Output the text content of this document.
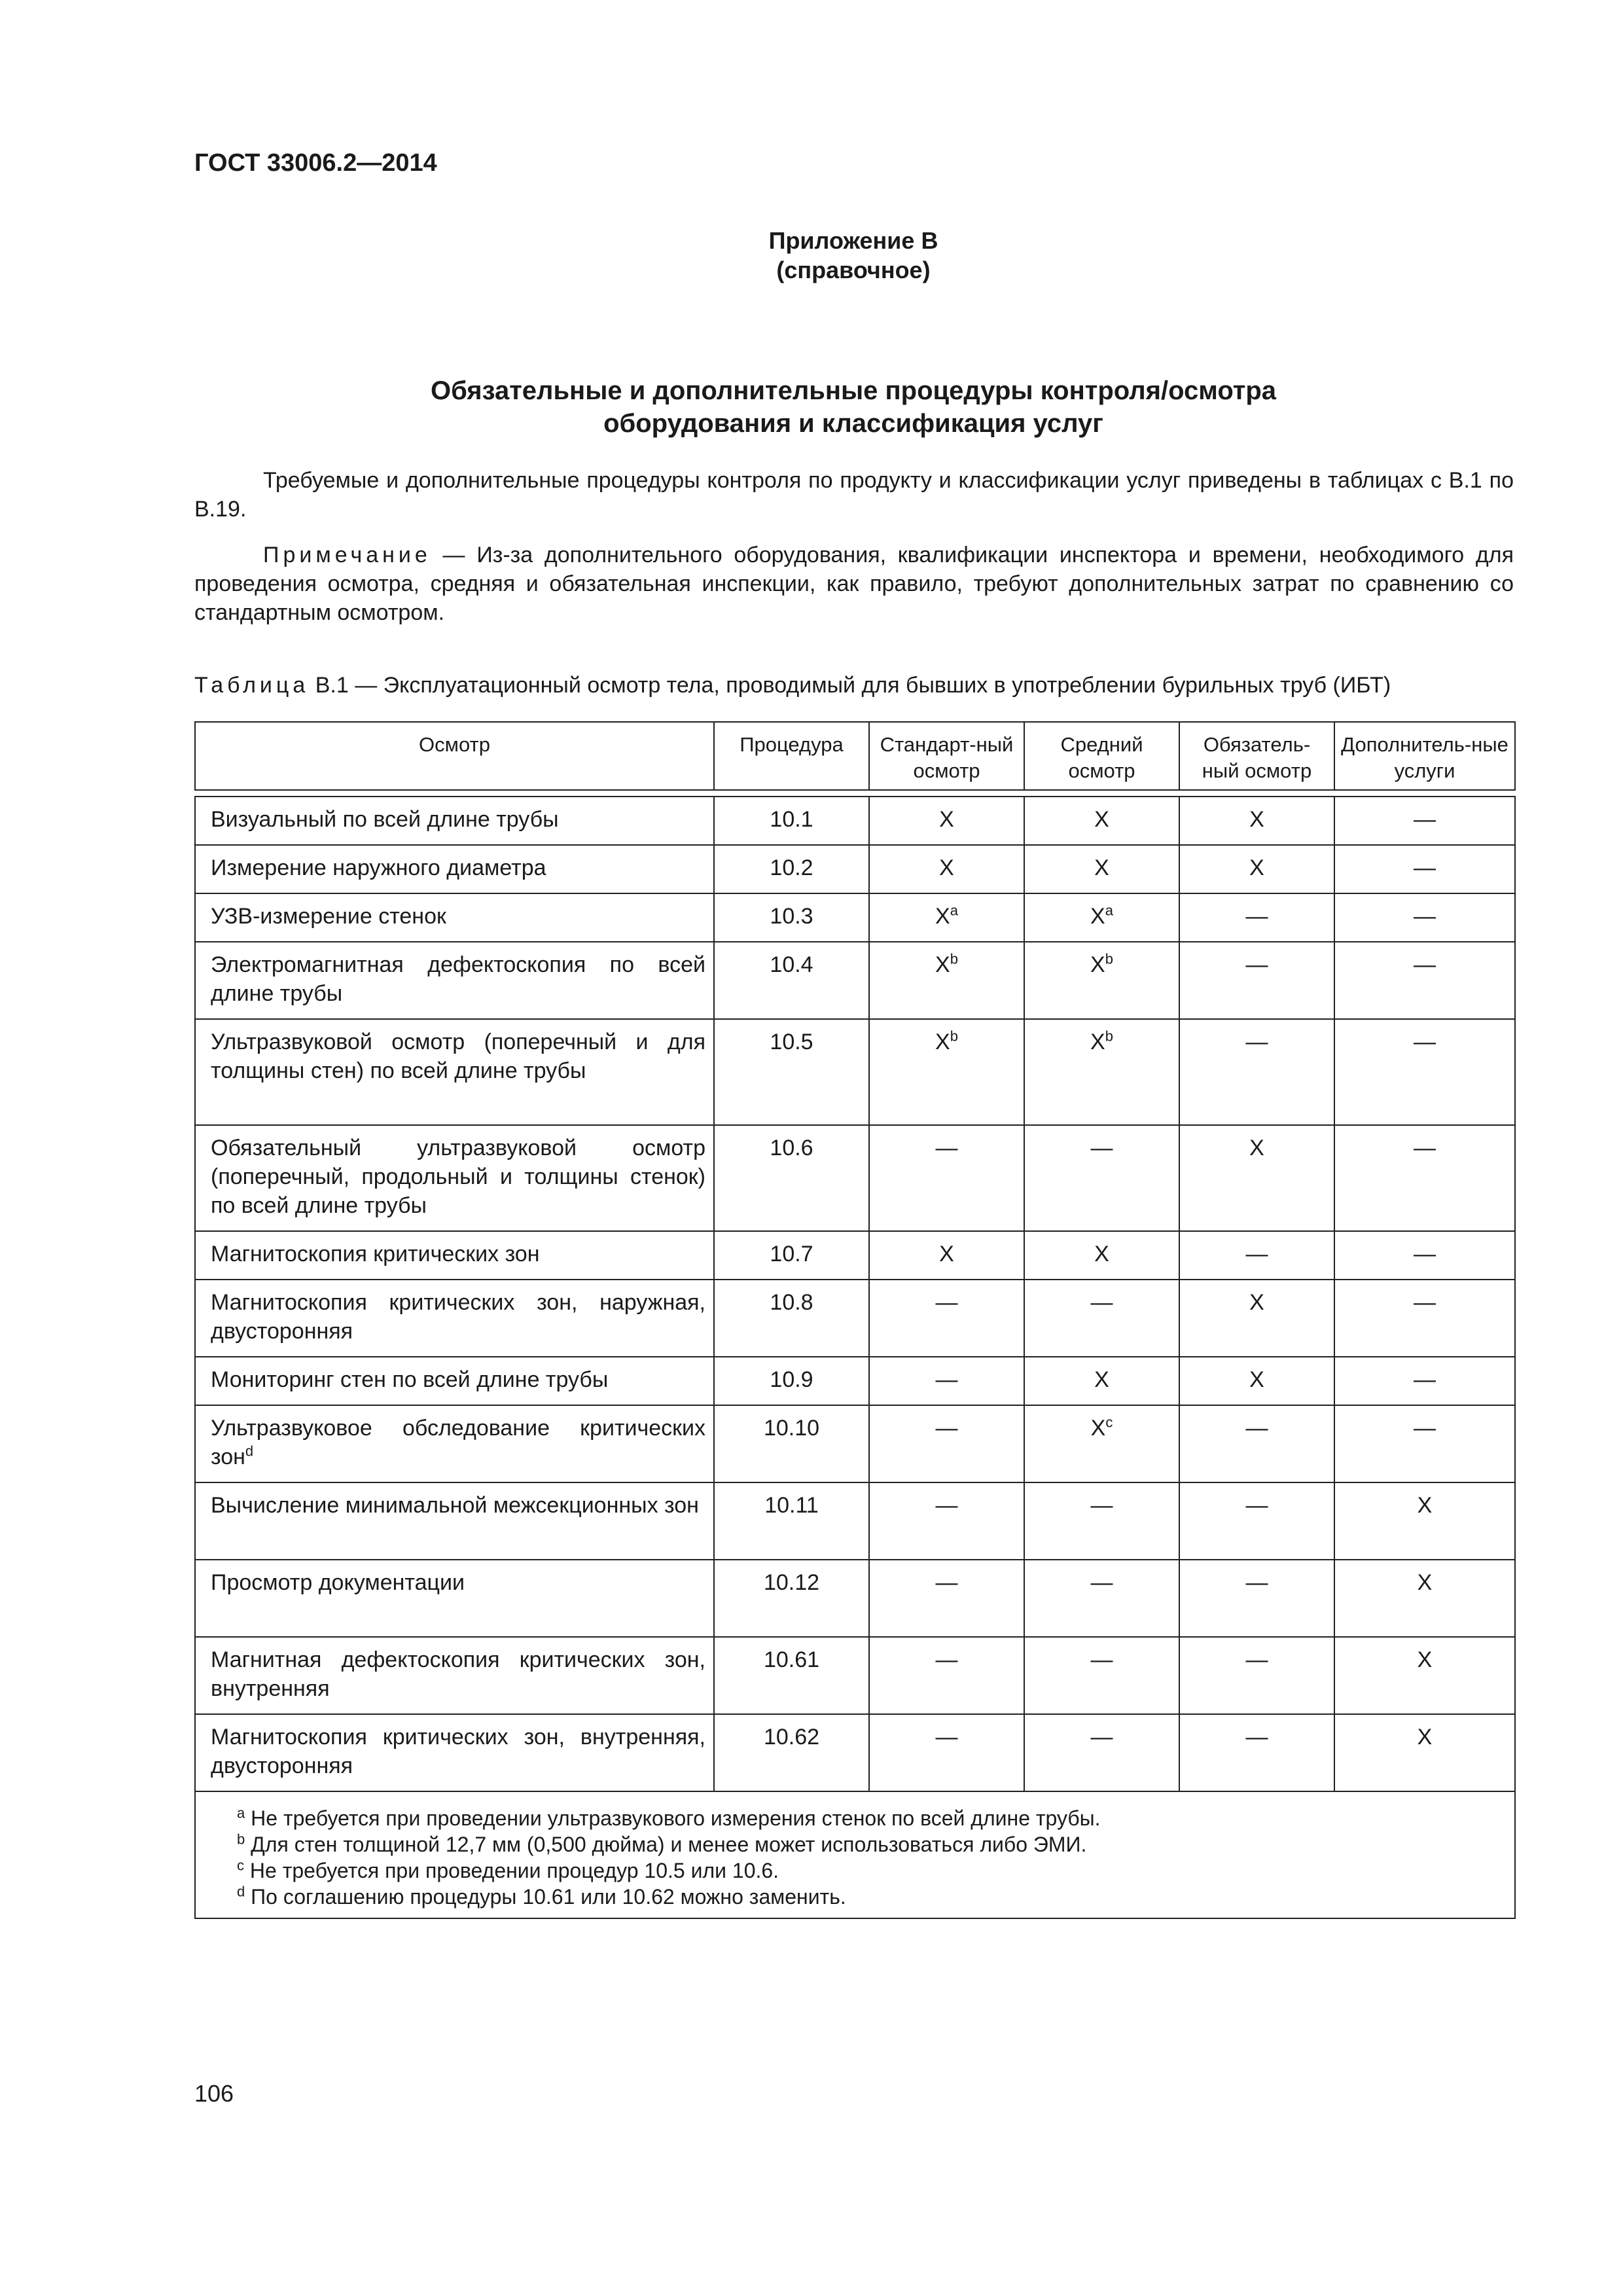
ГОСТ 33006.2—2014
Приложение В
(справочное)
Обязательные и дополнительные процедуры контроля/осмотра
оборудования и классификация услуг
Требуемые и дополнительные процедуры контроля по продукту и классификации услуг приведены в таблицах с В.1 по В.19.
Примечание — Из-за дополнительного оборудования, квалификации инспектора и времени, необходимого для проведения осмотра, средняя и обязательная инспекции, как правило, требуют дополнительных затрат по сравнению со стандартным осмотром.
Таблица В.1 — Эксплуатационный осмотр тела, проводимый для бывших в употреблении бурильных труб (ИБТ)
Осмотр	Процедура	Стандарт-ный осмотр	Средний осмотр	Обязатель-ный осмотр	Дополнитель-ные услуги

Визуальный по всей длине трубы	10.1	X	X	X	—
Измерение наружного диаметра	10.2	X	X	X	—
УЗВ-измерение стенок	10.3	$X^a$	$X^a$	—	—
Электромагнитная дефектоскопия по всей длине трубы	10.4	$X^b$	$X^b$	—	—
Ультразвуковой осмотр (поперечный и для толщины стен) по всей длине трубы	10.5	$X^b$	$X^b$	—	—
Обязательный ультразвуковой осмотр (поперечный, продольный и толщины стенок) по всей длине трубы	10.6	—	—	X	—
Магнитоскопия критических зон	10.7	X	X	—	—
Магнитоскопия критических зон, наружная, двусторонняя	10.8	—	—	X	—
Мониторинг стен по всей длине трубы	10.9	—	X	X	—
Ультразвуковое обследование критических зон$^d$	10.10	—	$X^c$	—	—
Вычисление минимальной межсекционных зон	10.11	—	—	—	X
Просмотр документации	10.12	—	—	—	X
Магнитная дефектоскопия критических зон, внутренняя	10.61	—	—	—	X
Магнитоскопия критических зон, внутренняя, двусторонняя	10.62	—	—	—	X

$^a$ Не требуется при проведении ультразвукового измерения стенок по всей длине трубы.
$^b$ Для стен толщиной 12,7 мм (0,500 дюйма) и менее может использоваться либо ЭМИ.
$^c$ Не требуется при проведении процедур 10.5 или 10.6.
$^d$ По соглашению процедуры 10.61 или 10.62 можно заменить.					
106
